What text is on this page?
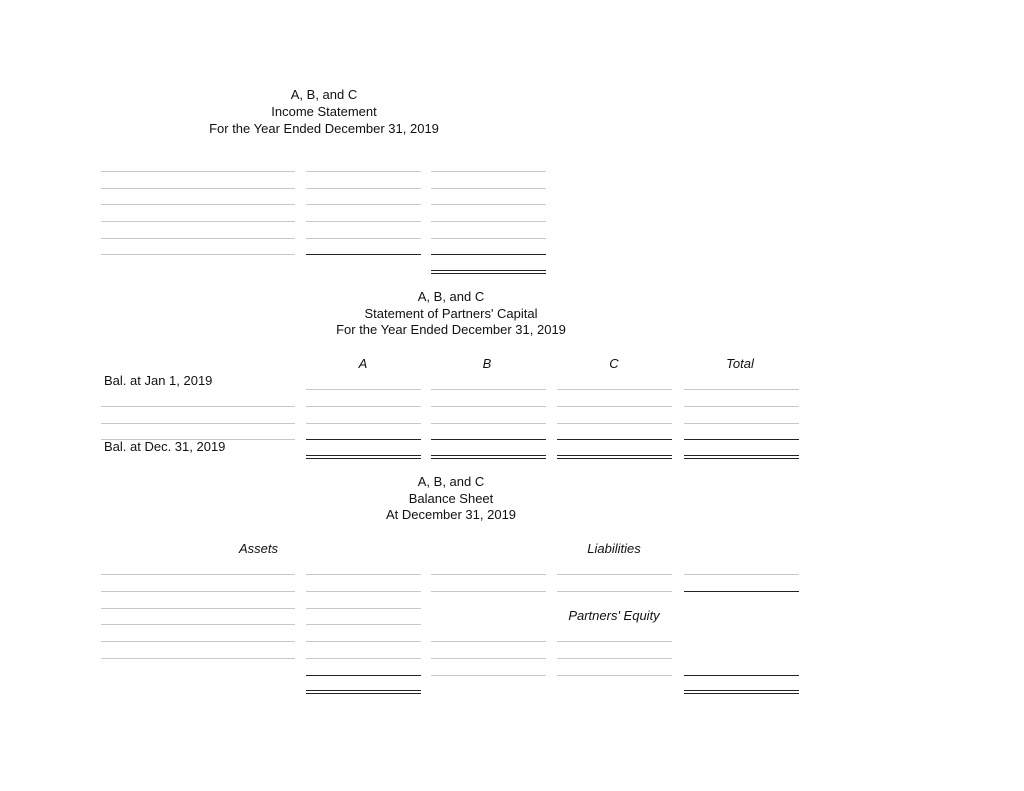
A, B, and C
Income Statement
For the Year Ended December 31, 2019
A, B, and C
Statement of Partners' Capital
For the Year Ended December 31, 2019
A	B	C	Total
Bal. at Jan 1, 2019
Bal. at Dec. 31, 2019
A, B, and C
Balance Sheet
At December 31, 2019
Assets	Liabilities
Partners' Equity
